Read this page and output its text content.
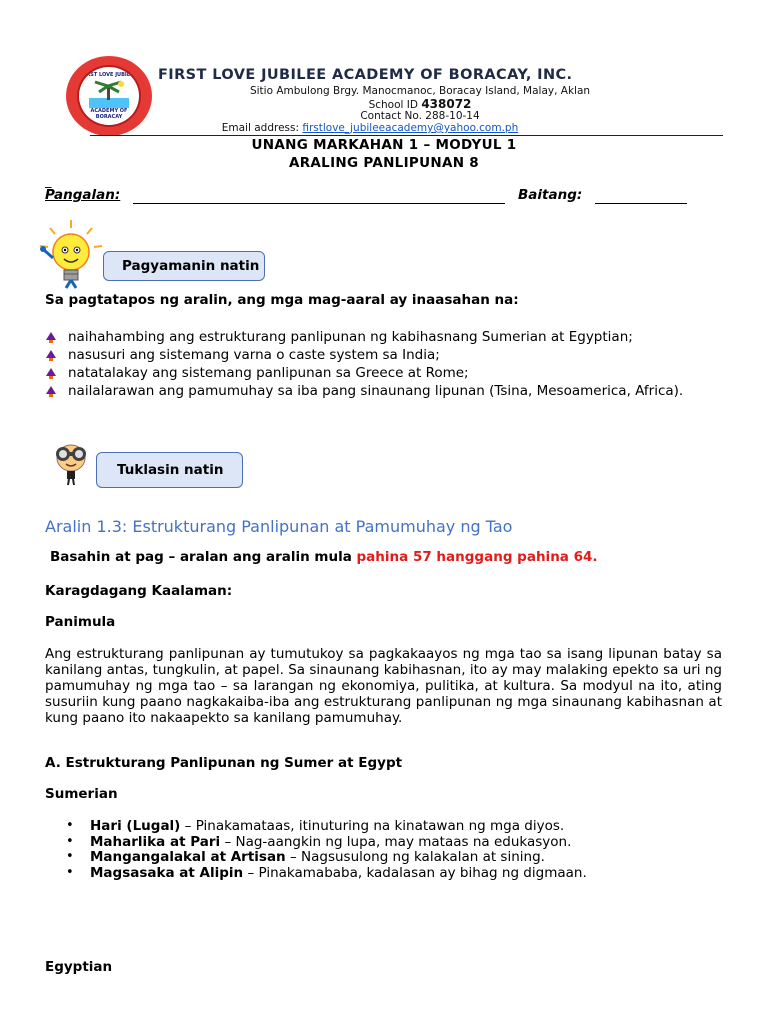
FIRST LOVE JUBILEE
ACADEMY OF BORACAY
FIRST LOVE JUBILEE ACADEMY OF BORACAY, INC.
Sitio Ambulong Brgy. Manocmanoc, Boracay Island, Malay, Aklan
School ID 438072
Contact No. 288-10-14
Email address: firstlove_jubileeacademy@yahoo.com.ph
UNANG MARKAHAN 1 – MODYUL 1
ARALING PANLIPUNAN 8
_
Pangalan:	Baitang:
Pagyamanin natin
Sa pagtatapos ng aralin, ang mga mag-aaral ay inaasahan na:
naihahambing ang estrukturang panlipunan ng kabihasnang Sumerian at Egyptian;
nasusuri ang sistemang varna o caste system sa India;
natatalakay ang sistemang panlipunan sa Greece at Rome;
nailalarawan ang pamumuhay sa iba pang sinaunang lipunan (Tsina, Mesoamerica, Africa).
Tuklasin natin
Aralin 1.3: Estrukturang Panlipunan at Pamumuhay ng Tao
Basahin at pag – aralan ang aralin mula pahina 57 hanggang pahina 64.
Karagdagang Kaalaman:
Panimula
Ang estrukturang panlipunan ay tumutukoy sa pagkakaayos ng mga tao sa isang lipunan batay sa kanilang antas, tungkulin, at papel. Sa sinaunang kabihasnan, ito ay may malaking epekto sa uri ng pamumuhay ng mga tao – sa larangan ng ekonomiya, pulitika, at kultura. Sa modyul na ito, ating susuriin kung paano nagkakaiba-iba ang estrukturang panlipunan ng mga sinaunang kabihasnan at kung paano ito nakaapekto sa kanilang pamumuhay.
A. Estrukturang Panlipunan ng Sumer at Egypt
Sumerian
• Hari (Lugal) – Pinakamataas, itinuturing na kinatawan ng mga diyos.
• Maharlika at Pari – Nag-aangkin ng lupa, may mataas na edukasyon.
• Mangangalakal at Artisan – Nagsusulong ng kalakalan at sining.
• Magsasaka at Alipin – Pinakamababa, kadalasan ay bihag ng digmaan.
Egyptian
